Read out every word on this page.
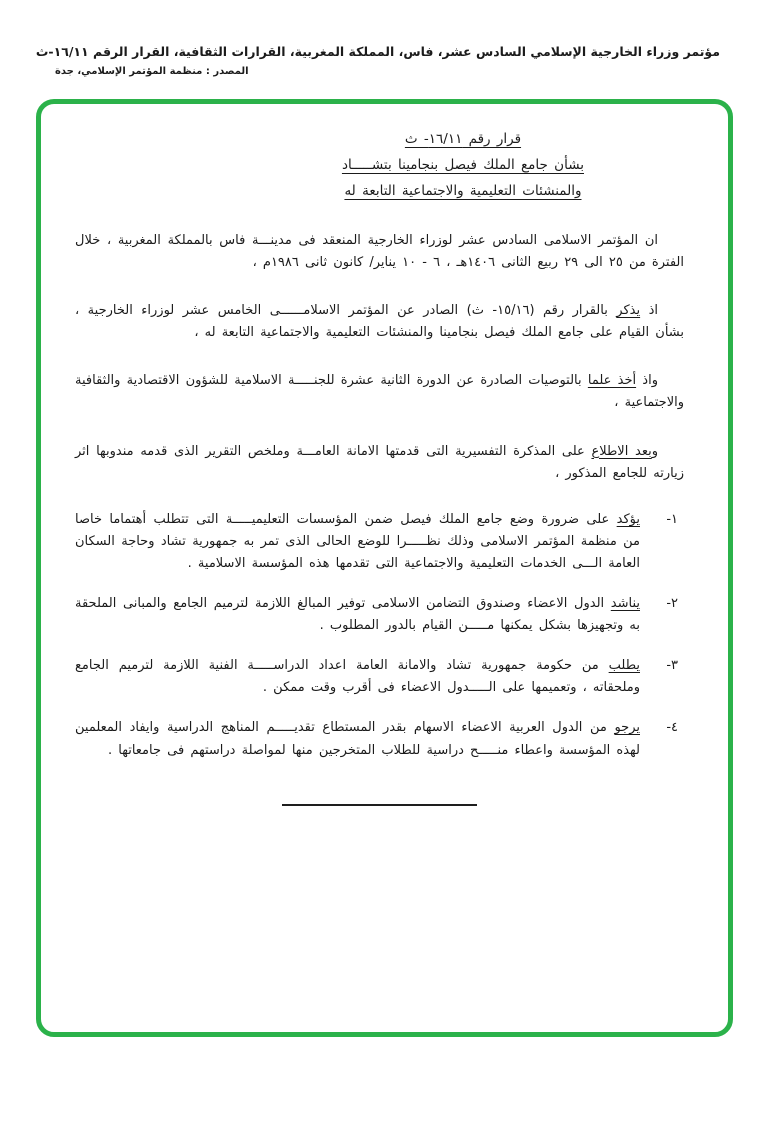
مؤتمر وزراء الخارجية الإسلامي السادس عشر، فاس، المملكة المغربية، القرارات الثقافية، القرار الرقم ١٦/١١-ث
المصدر : منظمة المؤتمر الإسلامي، جدة
قرار رقم ١٦/١١- ث
بشأن جامع الملك فيصل بنجامينا بتشـــــاد
والمنشئات التعليمية والاجتماعية التابعة له

ان المؤتمر الاسلامى السادس عشر لوزراء الخارجية المنعقد فى مدينـــة فاس بالمملكة المغربية ، خلال الفترة من ٢٥ الى ٢٩ ربيع الثانى ١٤٠٦هـ ، ٦ - ١٠ يناير/ كانون ثانى ١٩٨٦م ،

اذ يذكر بالقرار رقم (١٥/١٦- ث) الصادر عن المؤتمر الاسلامــــــى الخامس عشر لوزراء الخارجية ، بشأن القيام على جامع الملك فيصل بنجامينا والمنشئات التعليمية والاجتماعية التابعة له ،

واذ أخذ علما بالتوصيات الصادرة عن الدورة الثانية عشرة للجنـــــة الاسلامية للشؤون الاقتصادية والثقافية والاجتماعية ،

وبعد الاطلاع على المذكرة التفسيرية التى قدمتها الامانة العامـــة وملخص التقرير الذى قدمه مندوبها اثر زيارته للجامع المذكور ،

١-
يؤكد على ضرورة وضع جامع الملك فيصل ضمن المؤسسات التعليميـــــة التى تتطلب أهتماما خاصا من منظمة المؤتمر الاسلامى وذلك نظـــــرا للوضع الحالى الذى تمر به جمهورية تشاد وحاجة السكان العامة الـــى الخدمات التعليمية والاجتماعية التى تقدمها هذه المؤسسة الاسلامية .
٢-
يناشد الدول الاعضاء وصندوق التضامن الاسلامى توفير المبالغ اللازمة لترميم الجامع والمبانى الملحقة به وتجهيزها بشكل يمكنها مـــــن القيام بالدور المطلوب .
٣-
يطلب من حكومة جمهورية تشاد والامانة العامة اعداد الدراســـــة الفنية اللازمة لترميم الجامع وملحقاته ، وتعميمها على الـــــدول الاعضاء فى أقرب وقت ممكن .
٤-
يرجو من الدول العربية الاعضاء الاسهام بقدر المستطاع تقديـــــم المناهج الدراسية وايفاد المعلمين لهذه المؤسسة واعطاء منـــــح دراسية للطلاب المتخرجين منها لمواصلة دراستهم فى جامعاتها .
